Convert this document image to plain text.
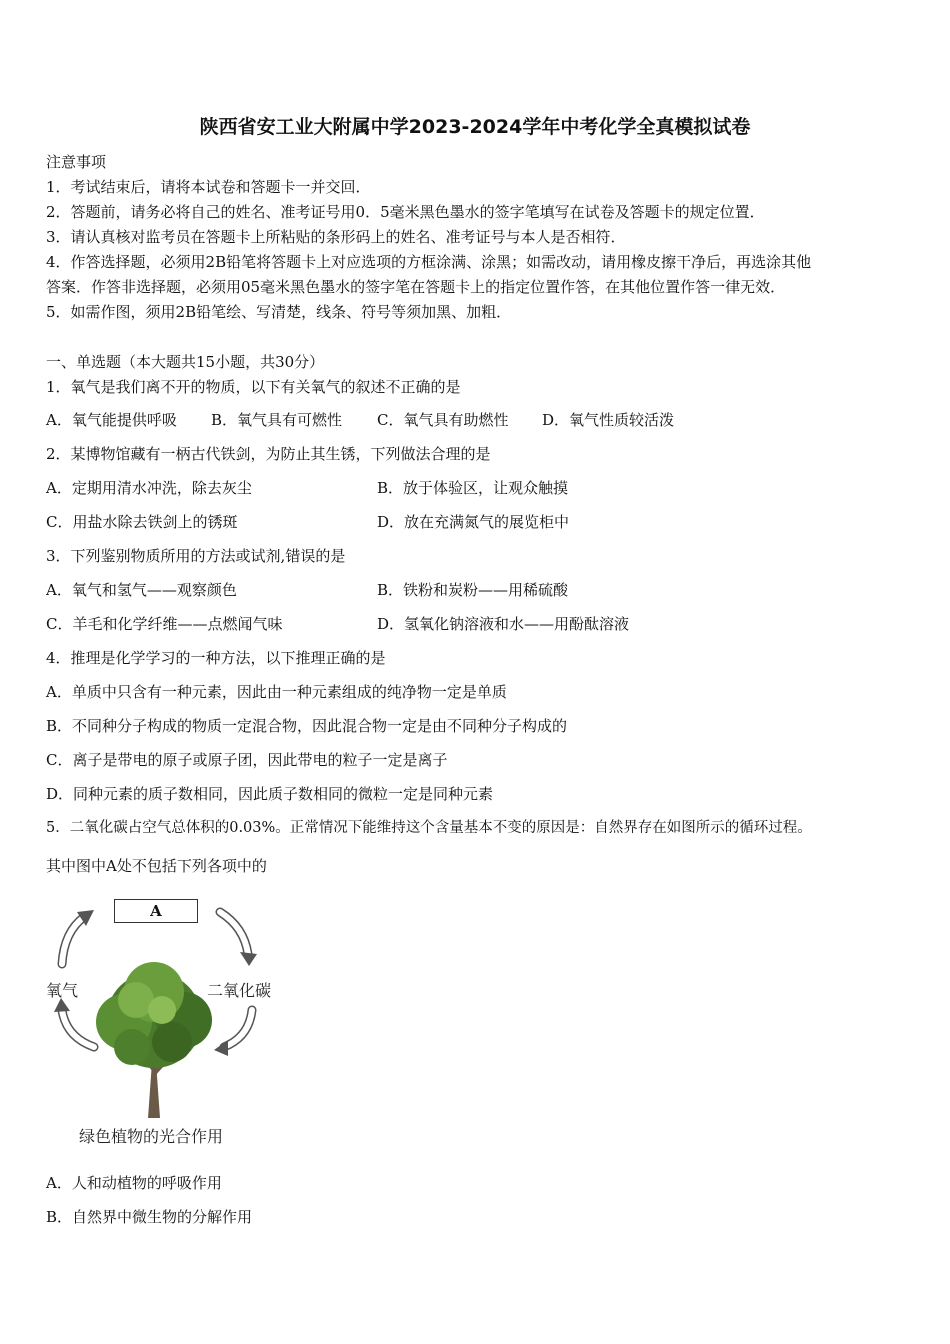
陕西省安工业大附属中学2023-2024学年中考化学全真模拟试卷
注意事项
1．考试结束后，请将本试卷和答题卡一并交回．
2．答题前，请务必将自己的姓名、准考证号用0．5毫米黑色墨水的签字笔填写在试卷及答题卡的规定位置．
3．请认真核对监考员在答题卡上所粘贴的条形码上的姓名、准考证号与本人是否相符．
4．作答选择题，必须用2B铅笔将答题卡上对应选项的方框涂满、涂黑；如需改动，请用橡皮擦干净后，再选涂其他
答案．作答非选择题，必须用05毫米黑色墨水的签字笔在答题卡上的指定位置作答，在其他位置作答一律无效．
5．如需作图，须用2B铅笔绘、写清楚，线条、符号等须加黑、加粗．
一、单选题（本大题共15小题，共30分）
1．氧气是我们离不开的物质，以下有关氧气的叙述不正确的是
A．氧气能提供呼吸 B．氧气具有可燃性 C．氧气具有助燃性 D．氧气性质较活泼
2．某博物馆藏有一柄古代铁剑，为防止其生锈，下列做法合理的是
A．定期用清水冲洗，除去灰尘	B．放于体验区，让观众触摸
C．用盐水除去铁剑上的锈斑	D．放在充满氮气的展览柜中
3．下列鉴别物质所用的方法或试剂,错误的是
A．氧气和氢气——观察颜色	B．铁粉和炭粉——用稀硫酸
C．羊毛和化学纤维——点燃闻气味	D．氢氧化钠溶液和水——用酚酞溶液
4．推理是化学学习的一种方法，以下推理正确的是
A．单质中只含有一种元素，因此由一种元素组成的纯净物一定是单质
B．不同种分子构成的物质一定混合物，因此混合物一定是由不同种分子构成的
C．离子是带电的原子或原子团，因此带电的粒子一定是离子
D．同种元素的质子数相同，因此质子数相同的微粒一定是同种元素
5．二氧化碳占空气总体积的0.03%。正常情况下能维持这个含量基本不变的原因是：自然界存在如图所示的循环过程。
其中图中A处不包括下列各项中的
A
氧气	二氧化碳
绿色植物的光合作用
A．人和动植物的呼吸作用
B．自然界中微生物的分解作用
